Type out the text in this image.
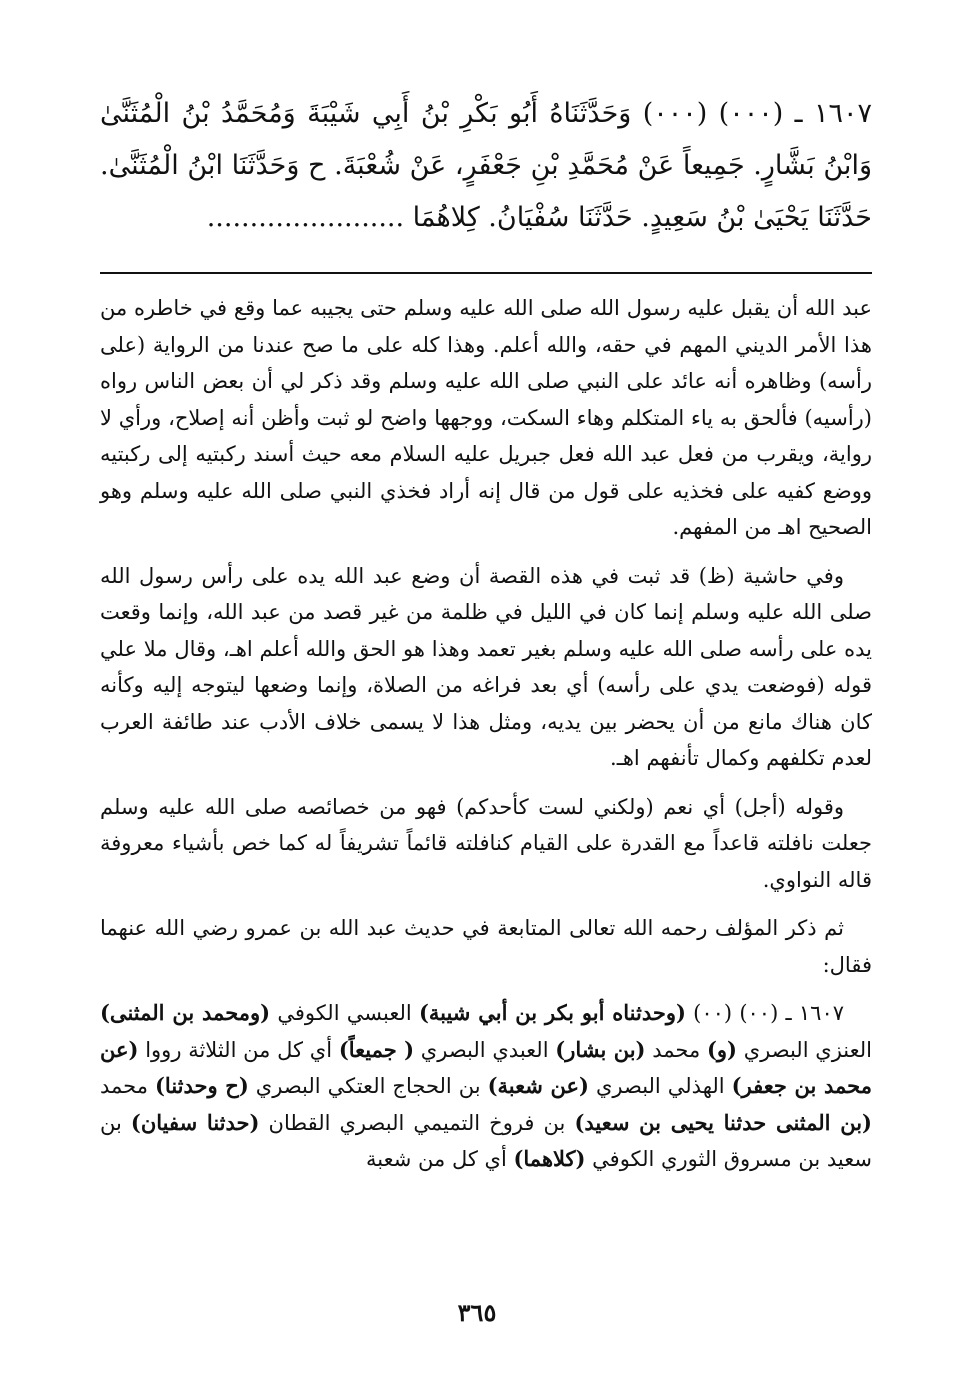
١٦٠٧ ـ (٠٠٠) (٠٠٠) وَحَدَّثَنَاهُ أَبُو بَكْرِ بْنُ أَبِي شَيْبَةَ وَمُحَمَّدُ بْنُ الْمُثَنَّىٰ وَابْنُ بَشَّارٍ. جَمِيعاً عَنْ مُحَمَّدِ بْنِ جَعْفَرٍ، عَنْ شُعْبَةَ. ح وَحَدَّثَنَا ابْنُ الْمُثَنَّىٰ. حَدَّثَنَا يَحْيَىٰ بْنُ سَعِيدٍ. حَدَّثَنَا سُفْيَانُ. كِلاهُمَا .......................

عبد الله أن يقبل عليه رسول الله صلى الله عليه وسلم حتى يجيبه عما وقع في خاطره من هذا الأمر الديني المهم في حقه، والله أعلم. وهذا كله على ما صح عندنا من الرواية (على رأسه) وظاهره أنه عائد على النبي صلى الله عليه وسلم وقد ذكر لي أن بعض الناس رواه (رأسيه) فألحق به ياء المتكلم وهاء السكت، ووجهها واضح لو ثبت وأظن أنه إصلاح، ورأي لا رواية، ويقرب من فعل عبد الله فعل جبريل عليه السلام معه حيث أسند ركبتيه إلى ركبتيه ووضع كفيه على فخذيه على قول من قال إنه أراد فخذي النبي صلى الله عليه وسلم وهو الصحيح اهـ من المفهم.

وفي حاشية (ظ) قد ثبت في هذه القصة أن وضع عبد الله يده على رأس رسول الله صلى الله عليه وسلم إنما كان في الليل في ظلمة من غير قصد من عبد الله، وإنما وقعت يده على رأسه صلى الله عليه وسلم بغير تعمد وهذا هو الحق والله أعلم اهـ، وقال ملا علي قوله (فوضعت يدي على رأسه) أي بعد فراغه من الصلاة، وإنما وضعها ليتوجه إليه وكأنه كان هناك مانع من أن يحضر بين يديه، ومثل هذا لا يسمى خلاف الأدب عند طائفة العرب لعدم تكلفهم وكمال تأنفهم اهـ.

وقوله (أجل) أي نعم (ولكني لست كأحدكم) فهو من خصائصه صلى الله عليه وسلم جعلت نافلته قاعداً مع القدرة على القيام كنافلته قائماً تشريفاً له كما خص بأشياء معروفة قاله النواوي.

ثم ذكر المؤلف رحمه الله تعالى المتابعة في حديث عبد الله بن عمرو رضي الله عنهما فقال:

١٦٠٧ ـ (٠٠) (٠٠) (وحدثناه أبو بكر بن أبي شيبة) العبسي الكوفي (ومحمد بن المثنى) العنزي البصري (و) محمد (بن بشار) العبدي البصري ( جميعاً) أي كل من الثلاثة رووا (عن محمد بن جعفر) الهذلي البصري (عن شعبة) بن الحجاج العتكي البصري (ح وحدثنا) محمد (بن المثنى حدثنا يحيى بن سعيد) بن فروخ التميمي البصري القطان (حدثنا سفيان) بن سعيد بن مسروق الثوري الكوفي (كلاهما) أي كل من شعبة

٣٦٥
